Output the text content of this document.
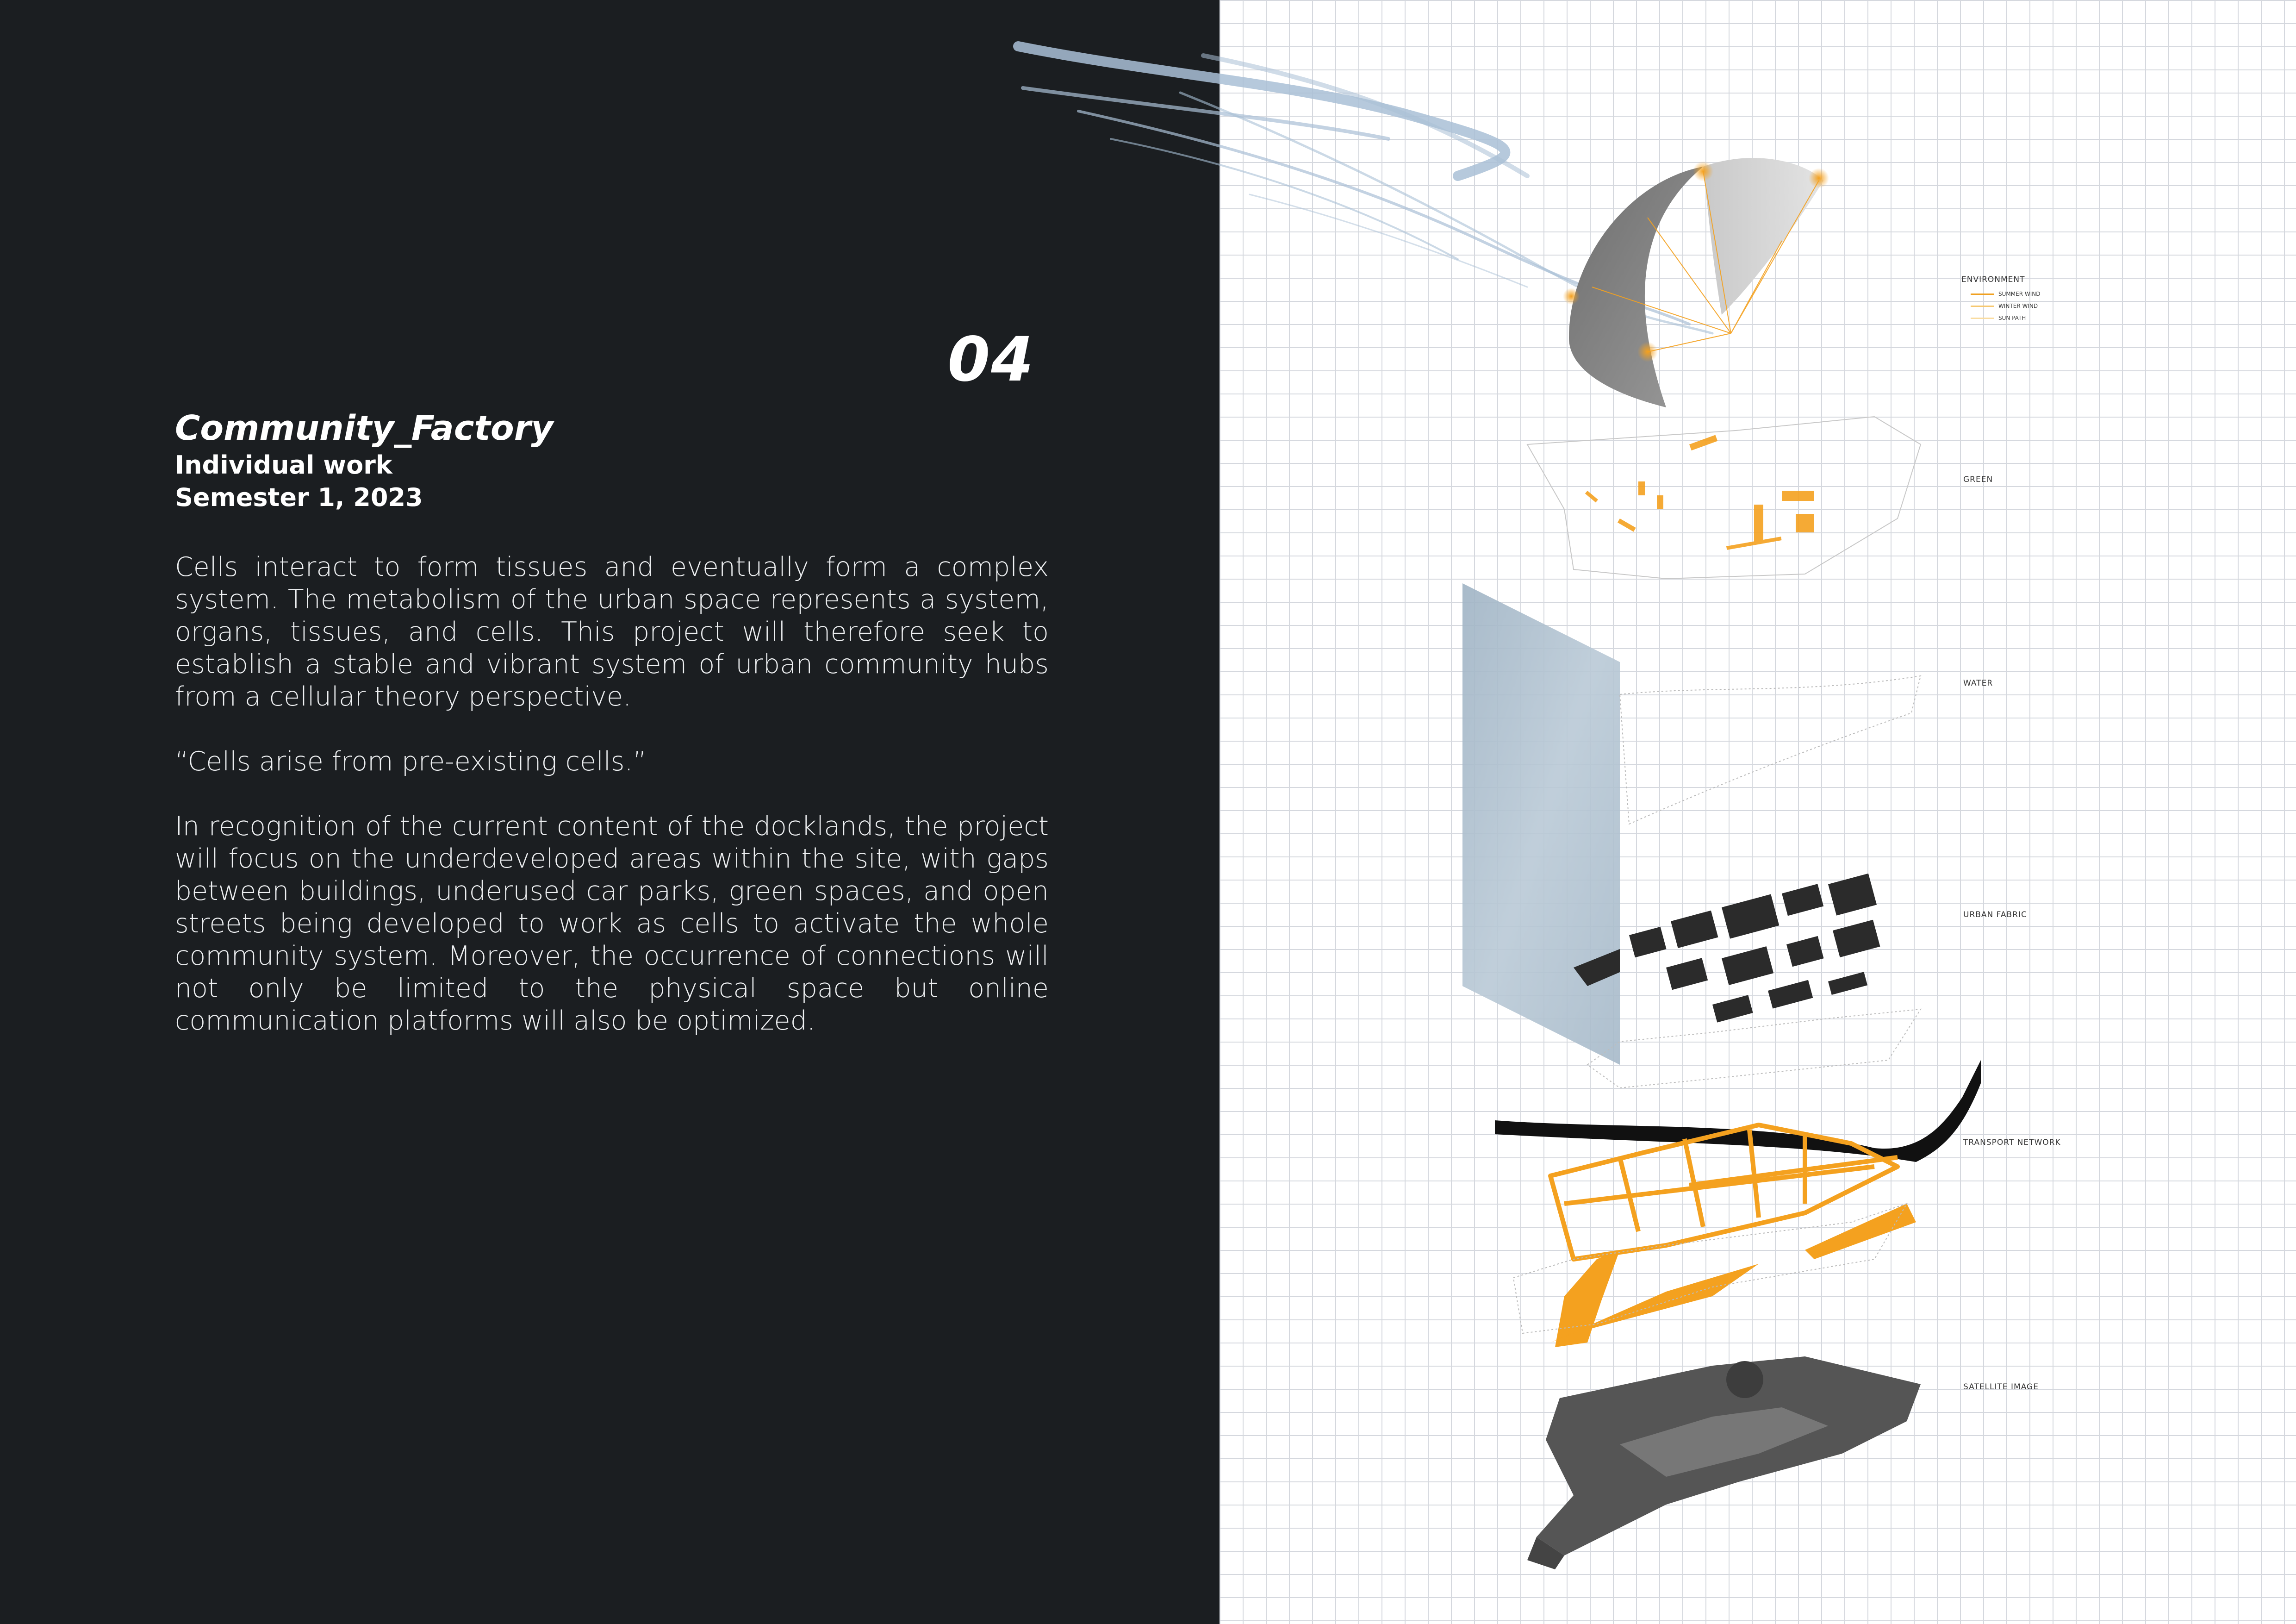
04

Community_Factory

Individual work

Semester 1, 2023

Cells interact to form tissues and eventually form a complex system. The metabolism of the urban space represents a system, organs, tissues, and cells. This project will therefore seek to establish a stable and vibrant system of urban community hubs from a cellular theory perspective.

“Cells arise from pre-existing cells.”

In recognition of the current content of the docklands, the project will focus on the underdeveloped areas within the site, with gaps between buildings, underused car parks, green spaces, and open streets being developed to work as cells to activate the whole community system. Moreover, the occurrence of connections will not only be limited to the physical space but online communication platforms will also be optimized.

ENVIRONMENT
SUMMER WIND
WINTER WIND
SUN PATH
GREEN
WATER
URBAN FABRIC
TRANSPORT NETWORK
SATELLITE IMAGE
